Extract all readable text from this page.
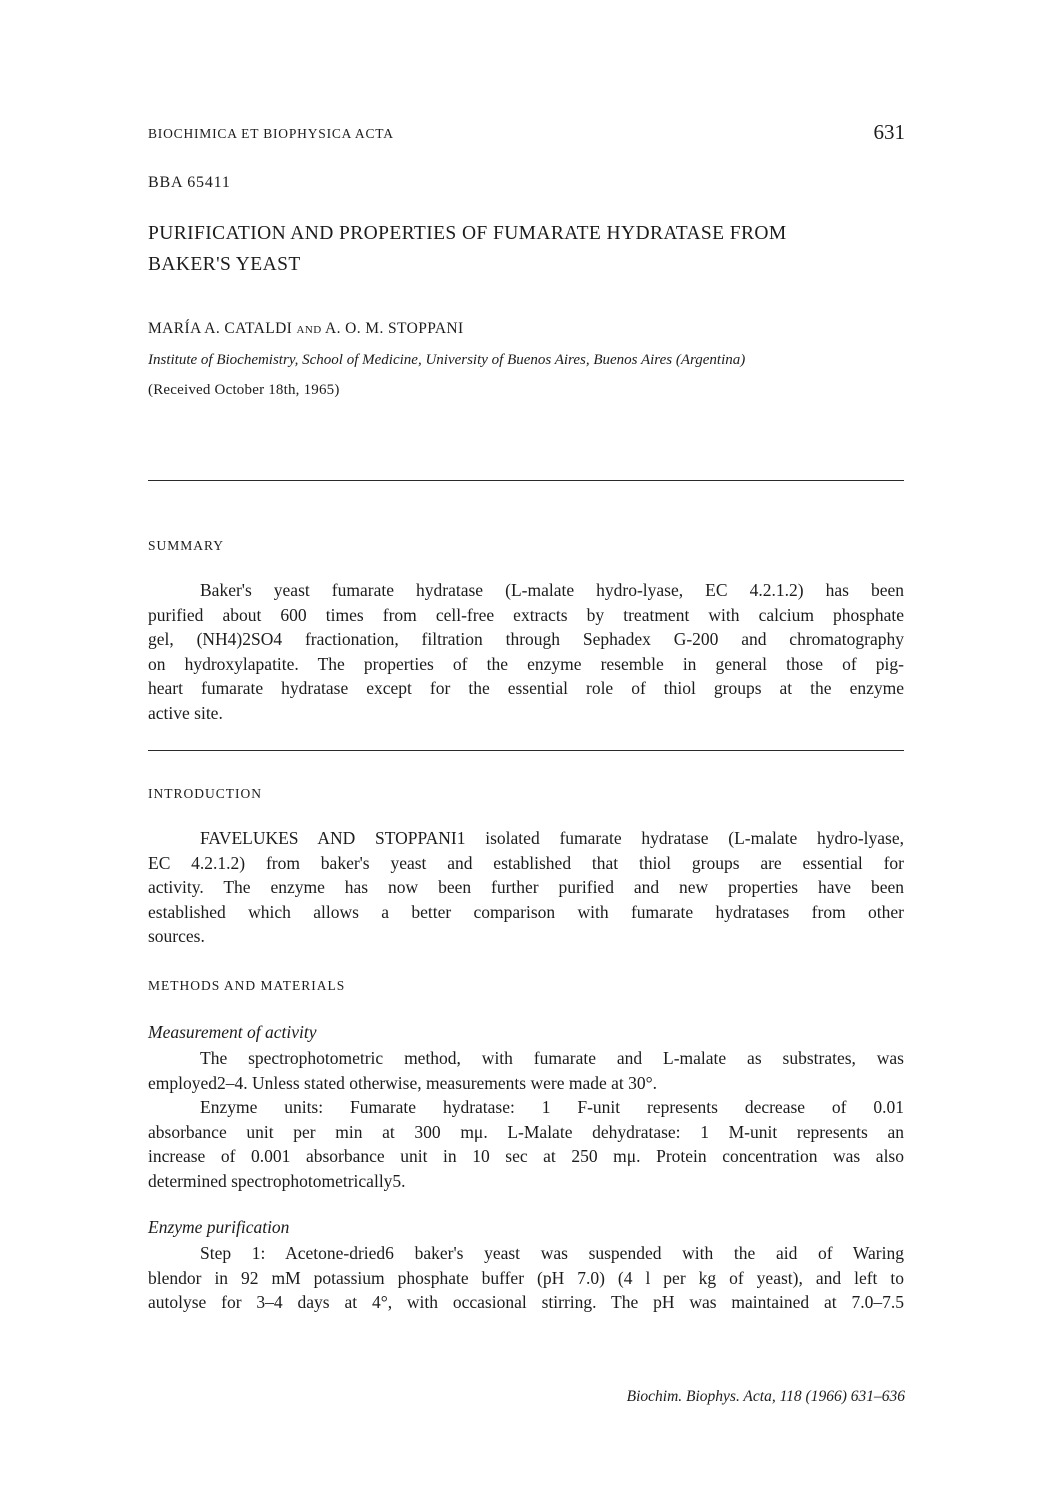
BIOCHIMICA ET BIOPHYSICA ACTA	631
BBA 65411
PURIFICATION AND PROPERTIES OF FUMARATE HYDRATASE FROM
BAKER'S YEAST
MARÍA A. CATALDI AND A. O. M. STOPPANI
Institute of Biochemistry, School of Medicine, University of Buenos Aires, Buenos Aires (Argentina)
(Received October 18th, 1965)
SUMMARY
Baker's yeast fumarate hydratase (L-malate hydro-lyase, EC 4.2.1.2) has been
purified about 600 times from cell-free extracts by treatment with calcium phosphate
gel, (NH4)2SO4 fractionation, filtration through Sephadex G-200 and chromatography
on hydroxylapatite. The properties of the enzyme resemble in general those of pig-
heart fumarate hydratase except for the essential role of thiol groups at the enzyme
active site.
INTRODUCTION
FAVELUKES AND STOPPANI1 isolated fumarate hydratase (L-malate hydro-lyase,
EC 4.2.1.2) from baker's yeast and established that thiol groups are essential for
activity. The enzyme has now been further purified and new properties have been
established which allows a better comparison with fumarate hydratases from other
sources.
METHODS AND MATERIALS
Measurement of activity
The spectrophotometric method, with fumarate and L-malate as substrates, was
employed2–4. Unless stated otherwise, measurements were made at 30°.
Enzyme units: Fumarate hydratase: 1 F-unit represents decrease of 0.01
absorbance unit per min at 300 mμ. L-Malate dehydratase: 1 M-unit represents an
increase of 0.001 absorbance unit in 10 sec at 250 mμ. Protein concentration was also
determined spectrophotometrically5.
Enzyme purification
Step 1: Acetone-dried6 baker's yeast was suspended with the aid of Waring
blendor in 92 mM potassium phosphate buffer (pH 7.0) (4 l per kg of yeast), and left to
autolyse for 3–4 days at 4°, with occasional stirring. The pH was maintained at 7.0–7.5
Biochim. Biophys. Acta, 118 (1966) 631–636
